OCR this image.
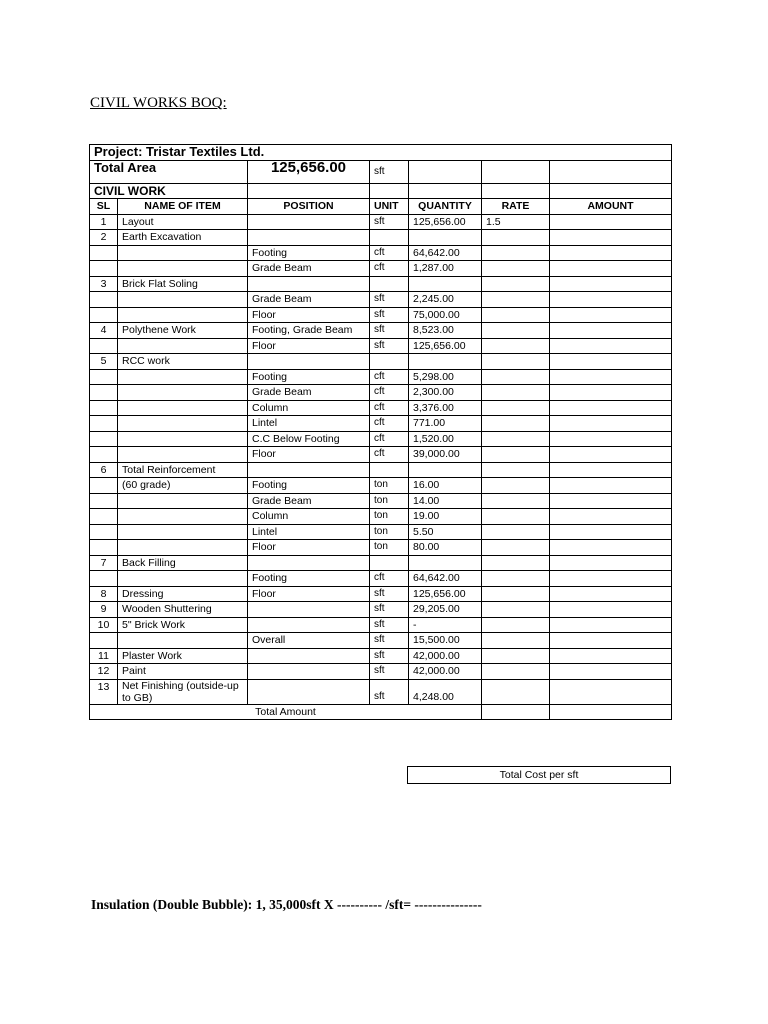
CIVIL WORKS BOQ:
Project: Tristar Textiles Ltd.						
Total Area		125,656.00	sft			
CIVIL WORK						
SL	NAME OF ITEM	POSITION	UNIT	QUANTITY	RATE	AMOUNT
1	Layout		sft	125,656.00	1.5	
2	Earth Excavation					
		Footing	cft	64,642.00		
		Grade Beam	cft	1,287.00		
3	Brick Flat Soling					
		Grade Beam	sft	2,245.00		
		Floor	sft	75,000.00		
4	Polythene Work	Footing, Grade Beam	sft	8,523.00		
		Floor	sft	125,656.00		
5	RCC work					
		Footing	cft	5,298.00		
		Grade Beam	cft	2,300.00		
		Column	cft	3,376.00		
		Lintel	cft	771.00		
		C.C Below Footing	cft	1,520.00		
		Floor	cft	39,000.00		
6	Total Reinforcement					
	(60 grade)	Footing	ton	16.00		
		Grade Beam	ton	14.00		
		Column	ton	19.00		
		Lintel	ton	5.50		
		Floor	ton	80.00		
7	Back Filling					
		Footing	cft	64,642.00		
8	Dressing	Floor	sft	125,656.00		
9	Wooden Shuttering		sft	29,205.00		
10	5" Brick Work		sft	-		
		Overall	sft	15,500.00		
11	Plaster Work		sft	42,000.00		
12	Paint		sft	42,000.00		
13	Net Finishing (outside-up to GB)		sft	4,248.00		
Total Amount						
Total Cost per sft
Insulation (Double Bubble): 1, 35,000sft X ---------- /sft= ---------------
